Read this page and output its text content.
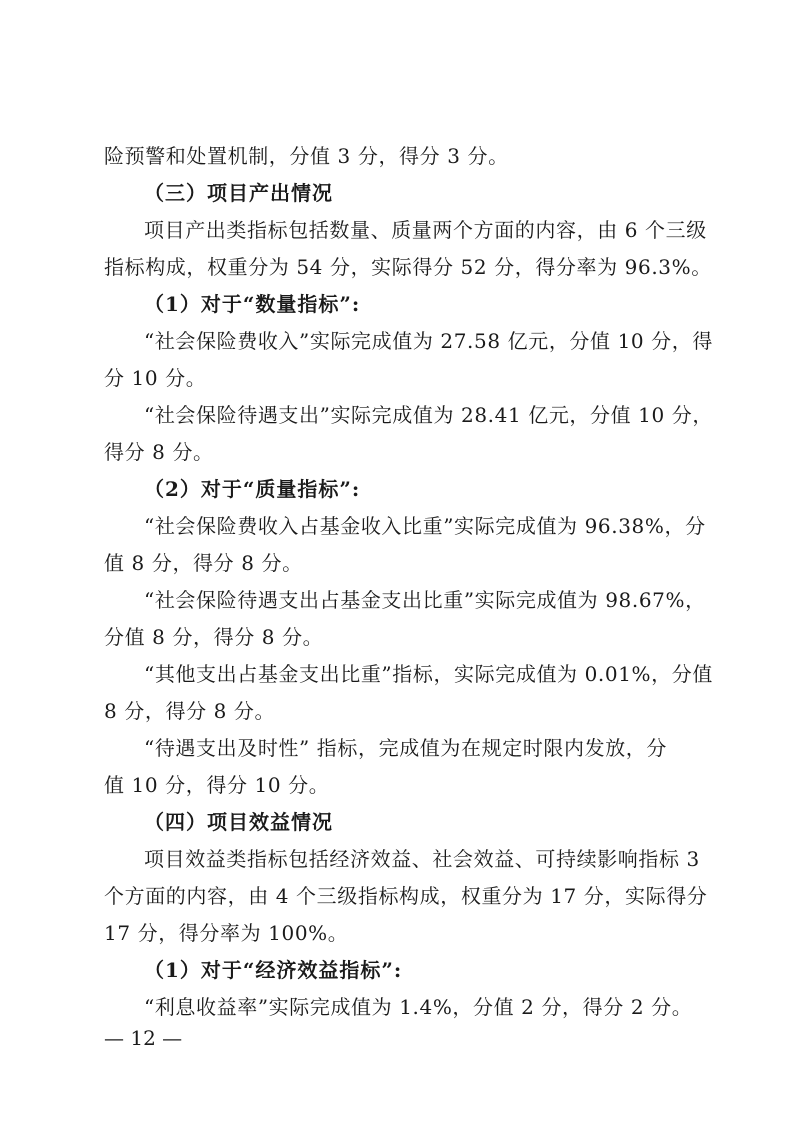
险预警和处置机制，分值 3 分，得分 3 分。
（三）项目产出情况
项目产出类指标包括数量、质量两个方面的内容，由 6 个三级
指标构成，权重分为 54 分，实际得分 52 分，得分率为 96.3%。
（1）对于“数量指标”:
“社会保险费收入”实际完成值为 27.58 亿元，分值 10 分，得
分 10 分。
“社会保险待遇支出”实际完成值为 28.41 亿元，分值 10 分，
得分 8 分。
（2）对于“质量指标”:
“社会保险费收入占基金收入比重”实际完成值为 96.38%，分
值 8 分，得分 8 分。
“社会保险待遇支出占基金支出比重”实际完成值为 98.67%，
分值 8 分，得分 8 分。
“其他支出占基金支出比重”指标，实际完成值为 0.01%，分值
8 分，得分 8 分。
“待遇支出及时性” 指标，完成值为在规定时限内发放，分
值 10 分，得分 10 分。
（四）项目效益情况
项目效益类指标包括经济效益、社会效益、可持续影响指标 3
个方面的内容，由 4 个三级指标构成，权重分为 17 分，实际得分
17 分，得分率为 100%。
（1）对于“经济效益指标”:
“利息收益率”实际完成值为 1.4%，分值 2 分，得分 2 分。
— 12 —
